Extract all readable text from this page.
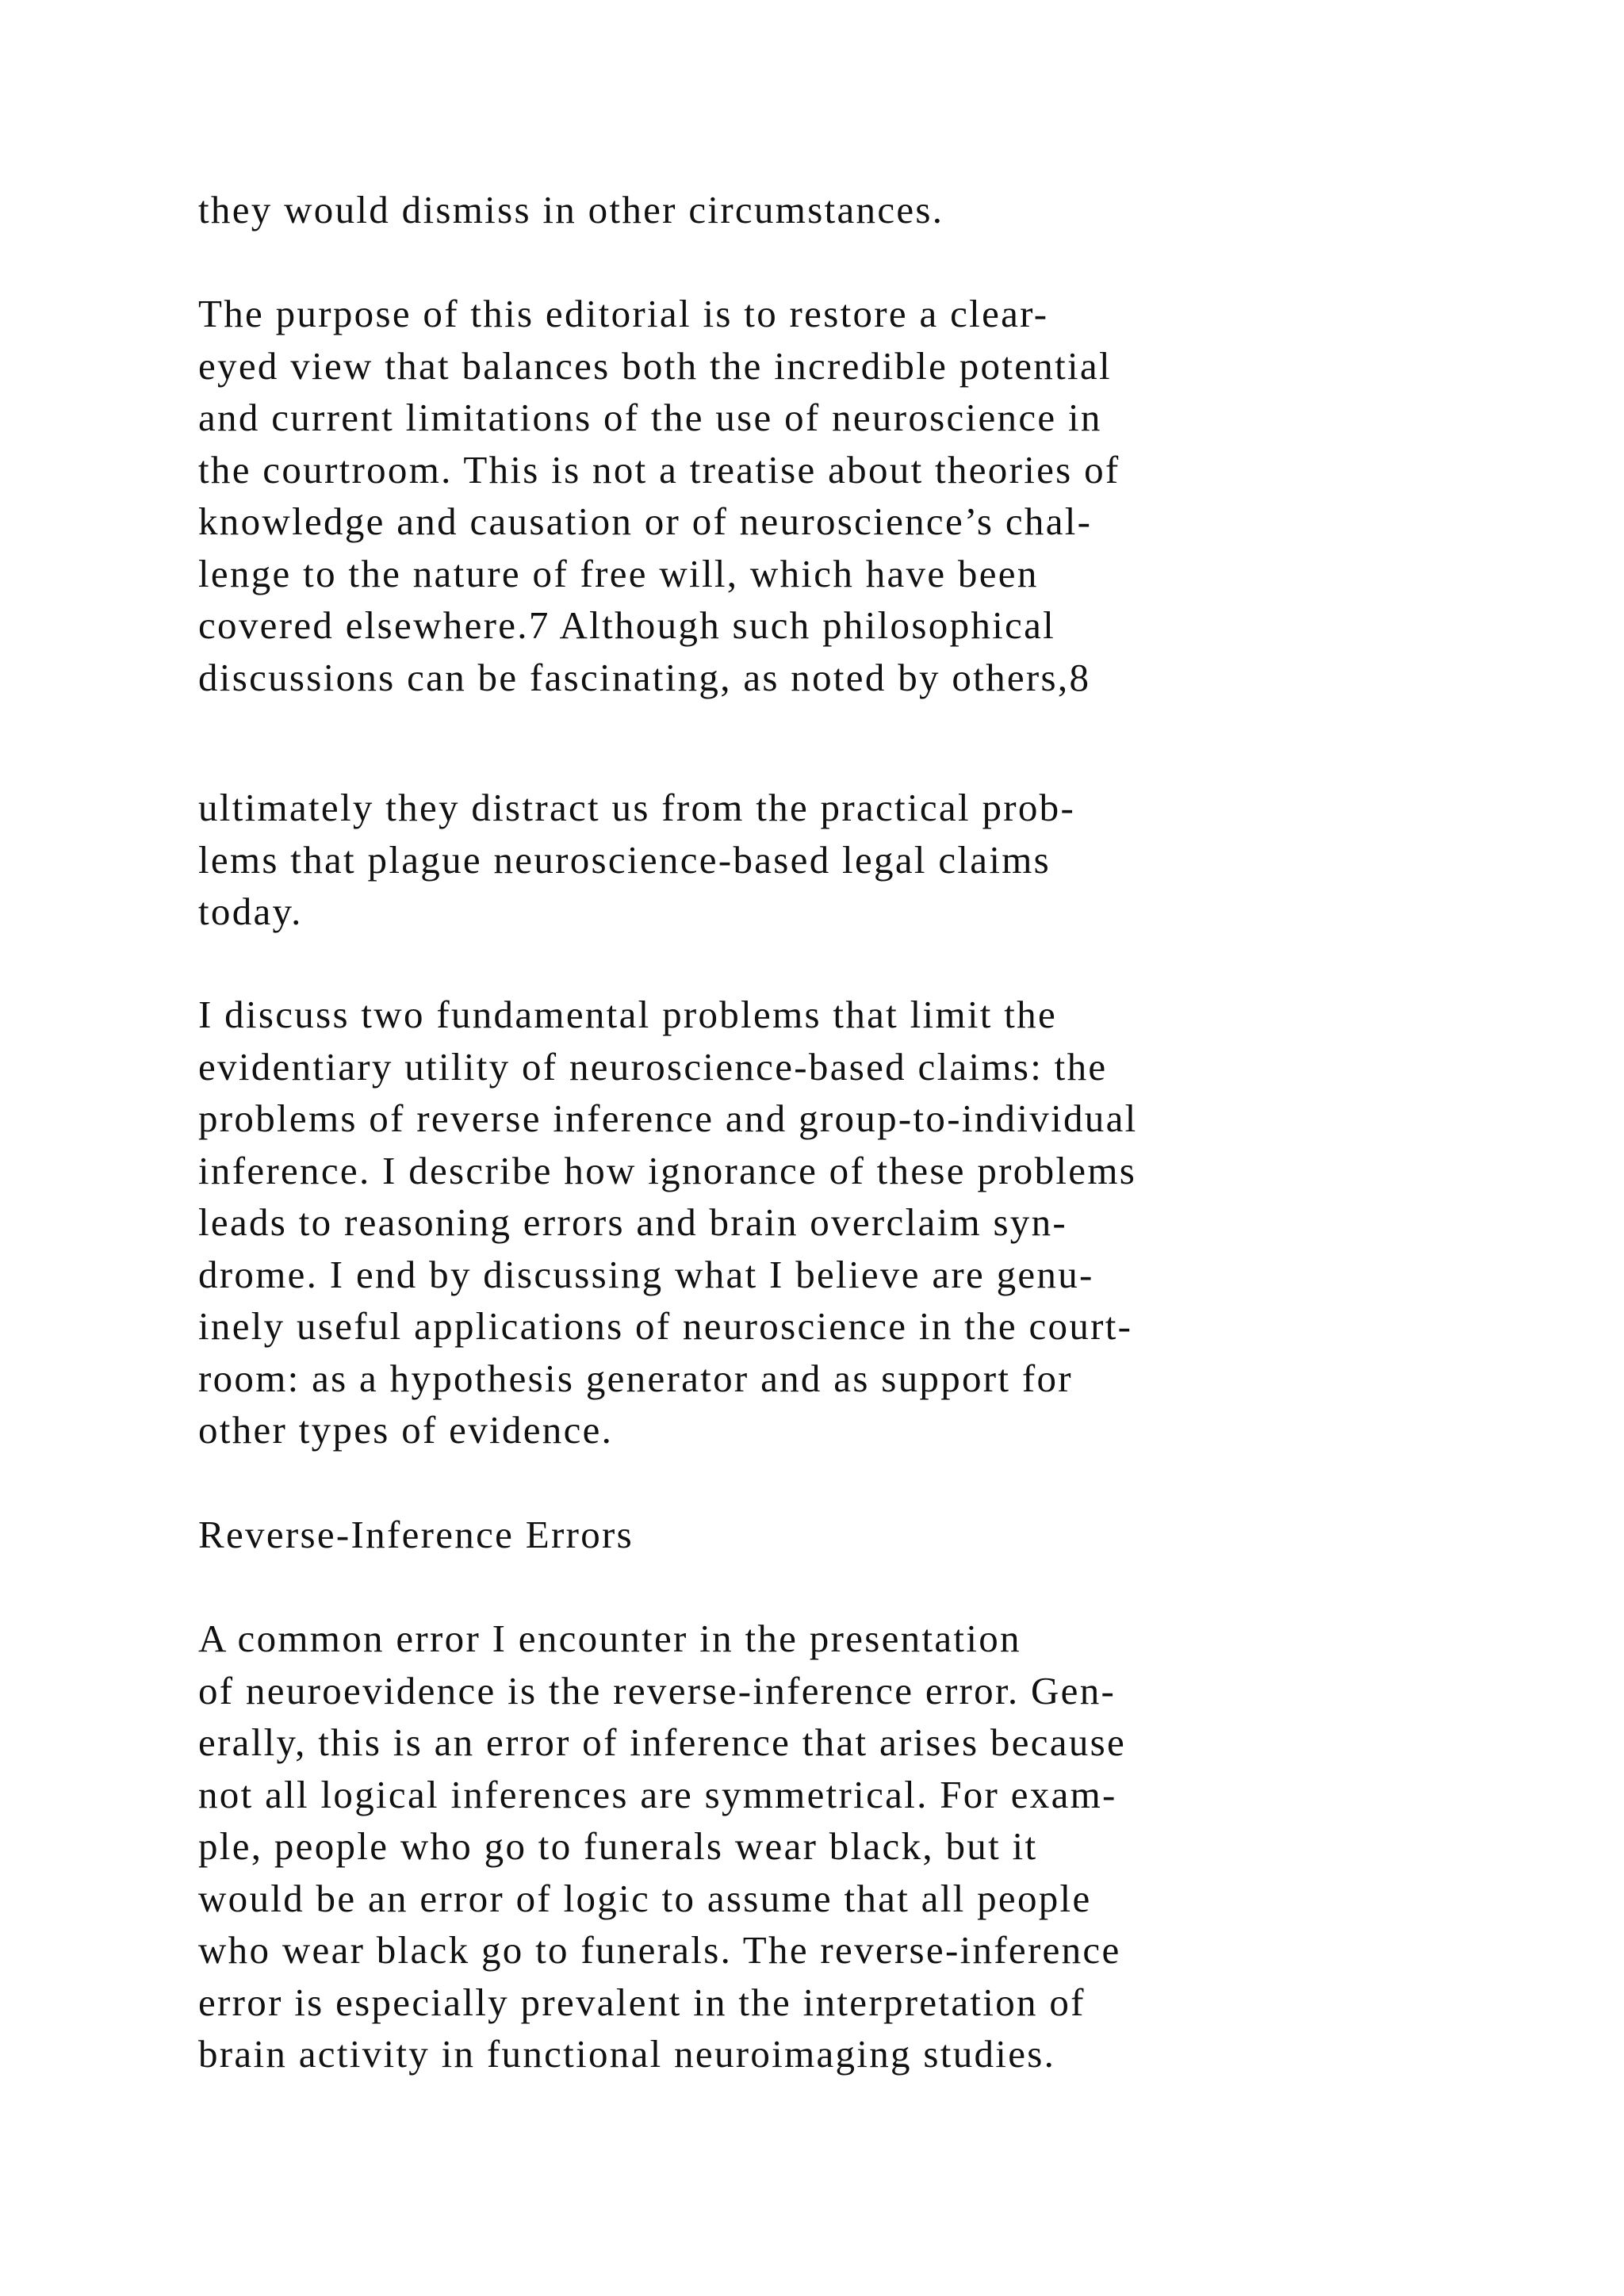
they would dismiss in other circumstances.
The purpose of this editorial is to restore a clear-
eyed view that balances both the incredible potential
and current limitations of the use of neuroscience in
the courtroom. This is not a treatise about theories of
knowledge and causation or of neuroscience’s chal-
lenge to the nature of free will, which have been
covered elsewhere.7 Although such philosophical
discussions can be fascinating, as noted by others,8
ultimately they distract us from the practical prob-
lems that plague neuroscience-based legal claims
today.
I discuss two fundamental problems that limit the
evidentiary utility of neuroscience-based claims: the
problems of reverse inference and group-to-individual
inference. I describe how ignorance of these problems
leads to reasoning errors and brain overclaim syn-
drome. I end by discussing what I believe are genu-
inely useful applications of neuroscience in the court-
room: as a hypothesis generator and as support for
other types of evidence.
Reverse-Inference Errors
A common error I encounter in the presentation
of neuroevidence is the reverse-inference error. Gen-
erally, this is an error of inference that arises because
not all logical inferences are symmetrical. For exam-
ple, people who go to funerals wear black, but it
would be an error of logic to assume that all people
who wear black go to funerals. The reverse-inference
error is especially prevalent in the interpretation of
brain activity in functional neuroimaging studies.
